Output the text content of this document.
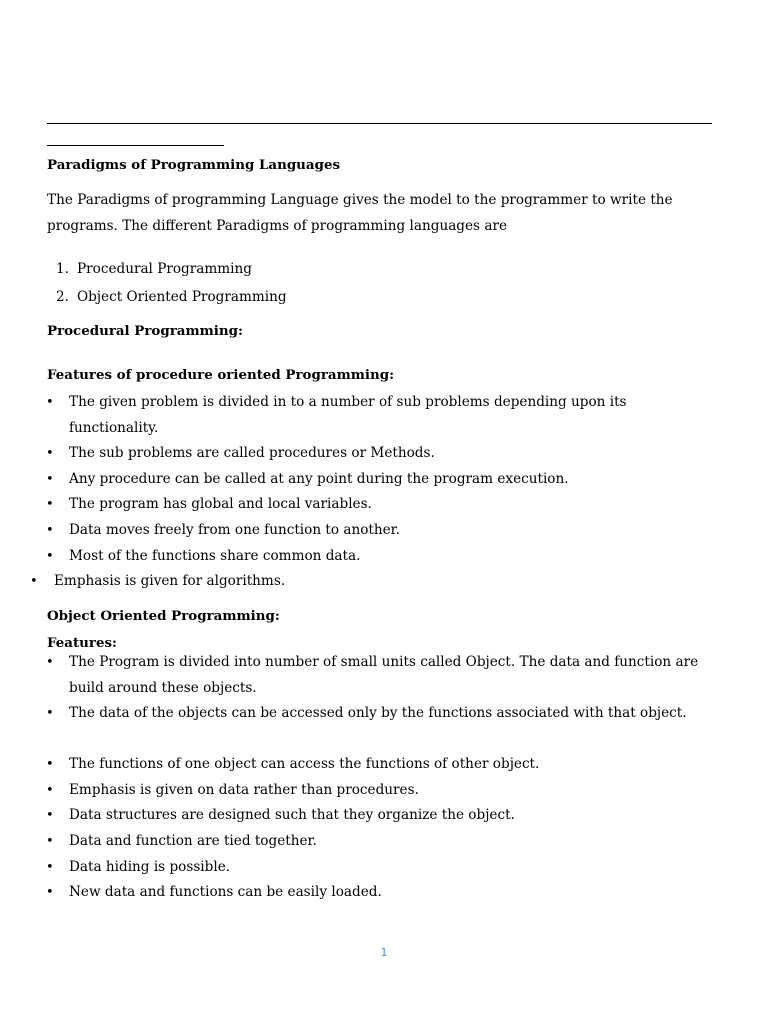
Paradigms of Programming Languages
The Paradigms of programming Language gives the model to the programmer to write the programs. The different Paradigms of programming languages are
1. Procedural Programming
2. Object Oriented Programming
Procedural Programming:
Features of procedure oriented Programming:
• The given problem is divided in to a number of sub problems depending upon its functionality.
• The sub problems are called procedures or Methods.
• Any procedure can be called at any point during the program execution.
• The program has global and local variables.
• Data moves freely from one function to another.
• Most of the functions share common data.
• Emphasis is given for algorithms.
Object Oriented Programming:
Features:
• The Program is divided into number of small units called Object. The data and function are build around these objects.
• The data of the objects can be accessed only by the functions associated with that object.
• The functions of one object can access the functions of other object.
• Emphasis is given on data rather than procedures.
• Data structures are designed such that they organize the object.
• Data and function are tied together.
• Data hiding is possible.
• New data and functions can be easily loaded.
1
